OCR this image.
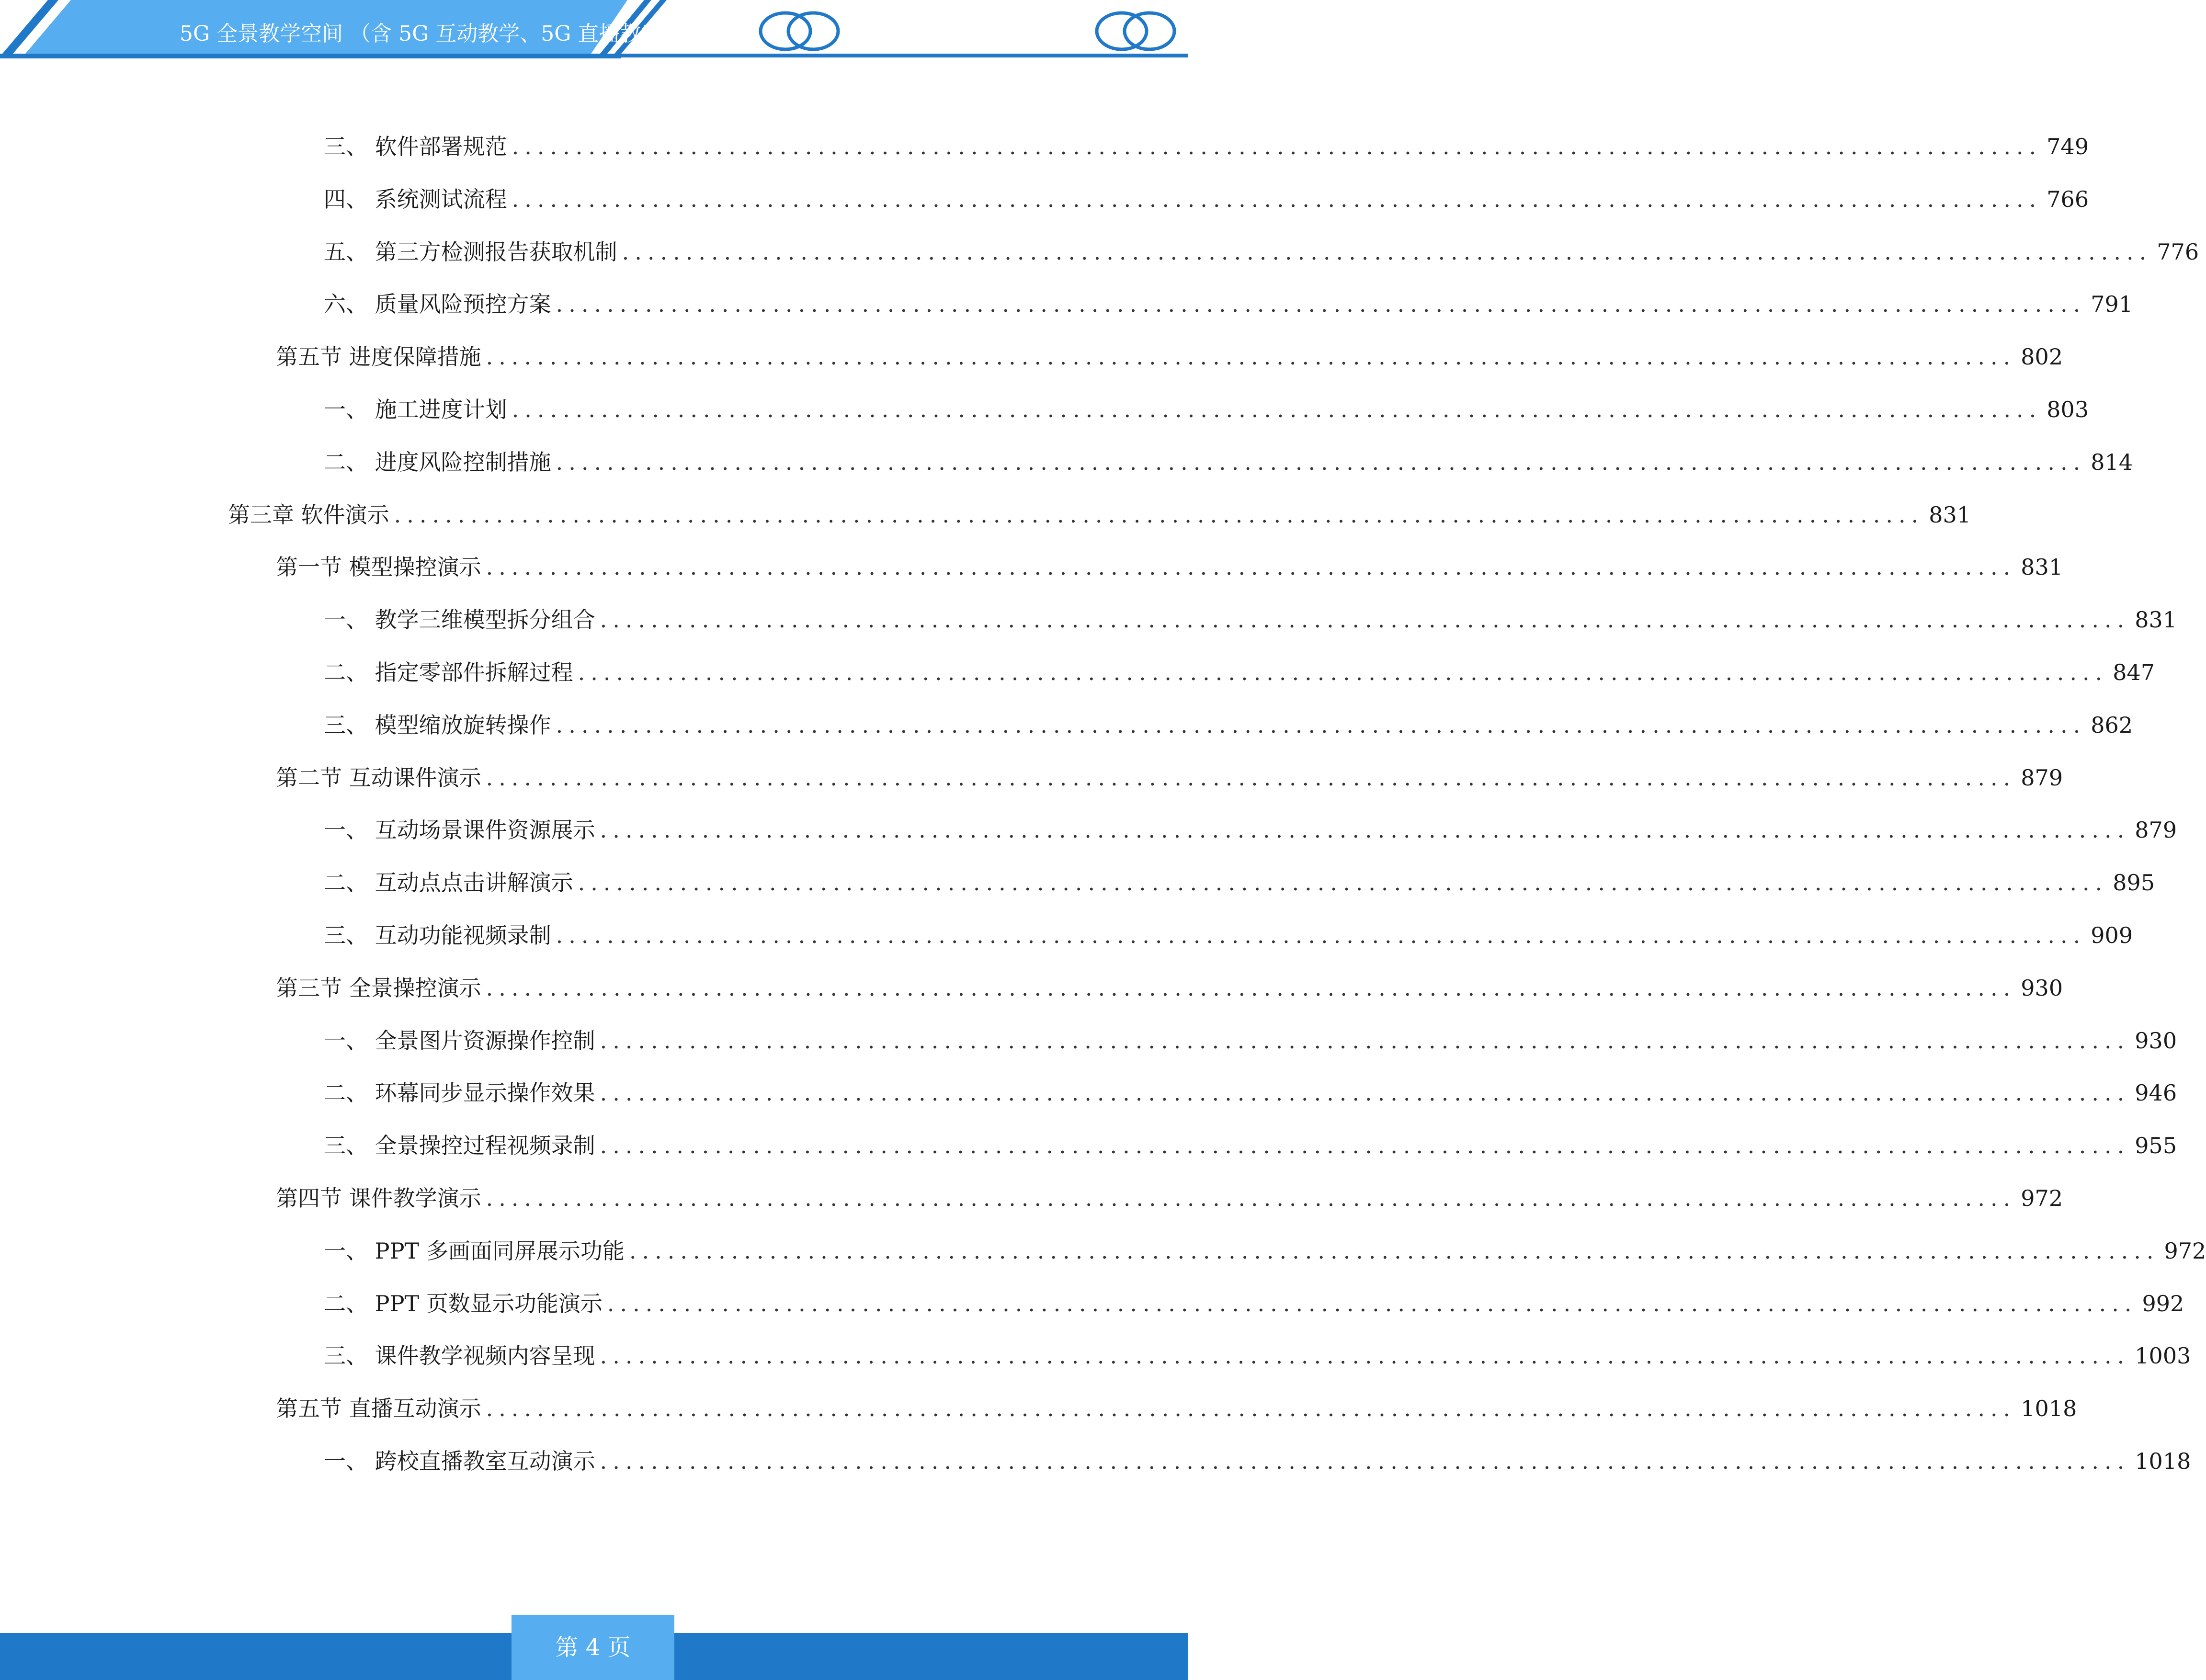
5G 全景教学空间 （含 5G 互动教学、5G 直播教室）
三、 软件部署规范 ........................................................................................................................ 749
四、 系统测试流程 ........................................................................................................................ 766
五、 第三方检测报告获取机制 ........................................................................................................................ 776
六、 质量风险预控方案 ........................................................................................................................ 791
第五节 进度保障措施 ........................................................................................................................ 802
一、 施工进度计划 ........................................................................................................................ 803
二、 进度风险控制措施 ........................................................................................................................ 814
第三章 软件演示 ........................................................................................................................ 831
第一节 模型操控演示 ........................................................................................................................ 831
一、 教学三维模型拆分组合 ........................................................................................................................ 831
二、 指定零部件拆解过程 ........................................................................................................................ 847
三、 模型缩放旋转操作 ........................................................................................................................ 862
第二节 互动课件演示 ........................................................................................................................ 879
一、 互动场景课件资源展示 ........................................................................................................................ 879
二、 互动点点击讲解演示 ........................................................................................................................ 895
三、 互动功能视频录制 ........................................................................................................................ 909
第三节 全景操控演示 ........................................................................................................................ 930
一、 全景图片资源操作控制 ........................................................................................................................ 930
二、 环幕同步显示操作效果 ........................................................................................................................ 946
三、 全景操控过程视频录制 ........................................................................................................................ 955
第四节 课件教学演示 ........................................................................................................................ 972
一、 PPT 多画面同屏展示功能 ........................................................................................................................ 972
二、 PPT 页数显示功能演示 ........................................................................................................................ 992
三、 课件教学视频内容呈现 ........................................................................................................................ 1003
第五节 直播互动演示 ........................................................................................................................ 1018
一、 跨校直播教室互动演示 ........................................................................................................................ 1018
第 4 页
